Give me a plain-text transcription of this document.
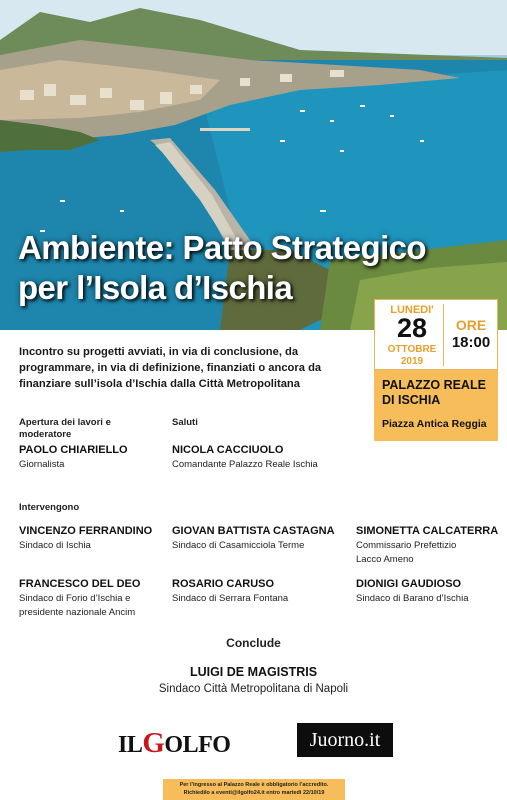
Ambiente: Patto Strategico
per l’Isola d’Ischia
LUNEDI'
28
OTTOBRE
2019
ORE
18:00
PALAZZO REALE DI ISCHIA
Piazza Antica Reggia
Incontro su progetti avviati, in via di conclusione, da programmare, in via di definizione, finanziati o ancora da finanziare sull’isola d’Ischia dalla Città Metropolitana
Apertura dei lavori e moderatore
PAOLO CHIARIELLO
Giornalista
Saluti
NICOLA CACCIUOLO
Comandante Palazzo Reale Ischia
Intervengono
VINCENZO FERRANDINO
Sindaco di Ischia
GIOVAN BATTISTA CASTAGNA
Sindaco di Casamicciola Terme
SIMONETTA CALCATERRA
Commissario Prefettizio Lacco Ameno
FRANCESCO DEL DEO
Sindaco di Forio d’Ischia e presidente nazionale Ancim
ROSARIO CARUSO
Sindaco di Serrara Fontana
DIONIGI GAUDIOSO
Sindaco di Barano d’Ischia
Conclude
LUIGI DE MAGISTRIS
Sindaco Città Metropolitana di Napoli
ILGOLFO	Juorno.it
Per l’ingresso al Palazzo Reale è obbligatorio l’accredito.
Richiedilo a eventi@ilgolfo24.it entro martedì 22/10/19
